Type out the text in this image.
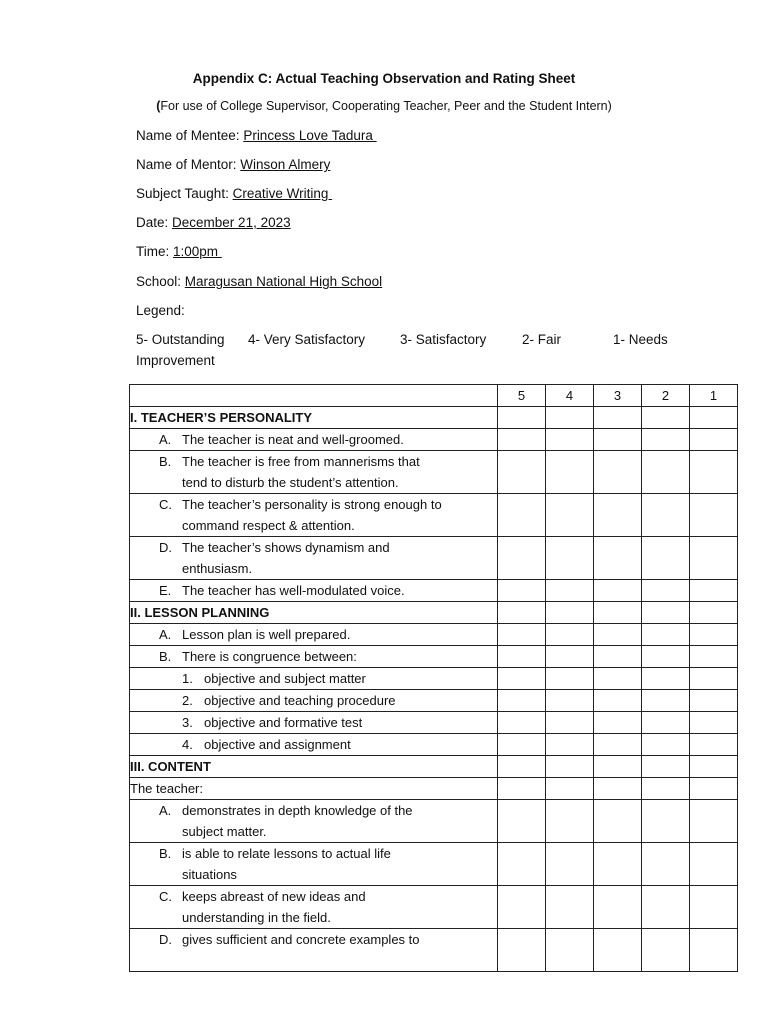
Appendix C: Actual Teaching Observation and Rating Sheet
(For use of College Supervisor, Cooperating Teacher, Peer and the Student Intern)
Name of Mentee: Princess Love Tadura
Name of Mentor: Winson Almery
Subject Taught: Creative Writing
Date: December 21, 2023
Time: 1:00pm
School: Maragusan National High School
Legend:
5- Outstanding 4- Very Satisfactory	3- Satisfactory	2- Fair	1- Needs
Improvement
	5	4	3	2	1
I. TEACHER’S PERSONALITY					

A. The teacher is neat and well-groomed.					

B. The teacher is free from mannerisms that
tend to disturb the student’s attention.					

C. The teacher’s personality is strong enough to
command respect & attention.					

D. The teacher’s shows dynamism and
enthusiasm.					

E. The teacher has well-modulated voice.					

II. LESSON PLANNING					

A. Lesson plan is well prepared.					

B. There is congruence between:					

1. objective and subject matter					

2. objective and teaching procedure					

3. objective and formative test					

4. objective and assignment					

III. CONTENT					
The teacher:					

A. demonstrates in depth knowledge of the
subject matter.					

B. is able to relate lessons to actual life
situations					

C. keeps abreast of new ideas and
understanding in the field.					

D. gives sufficient and concrete examples to					
